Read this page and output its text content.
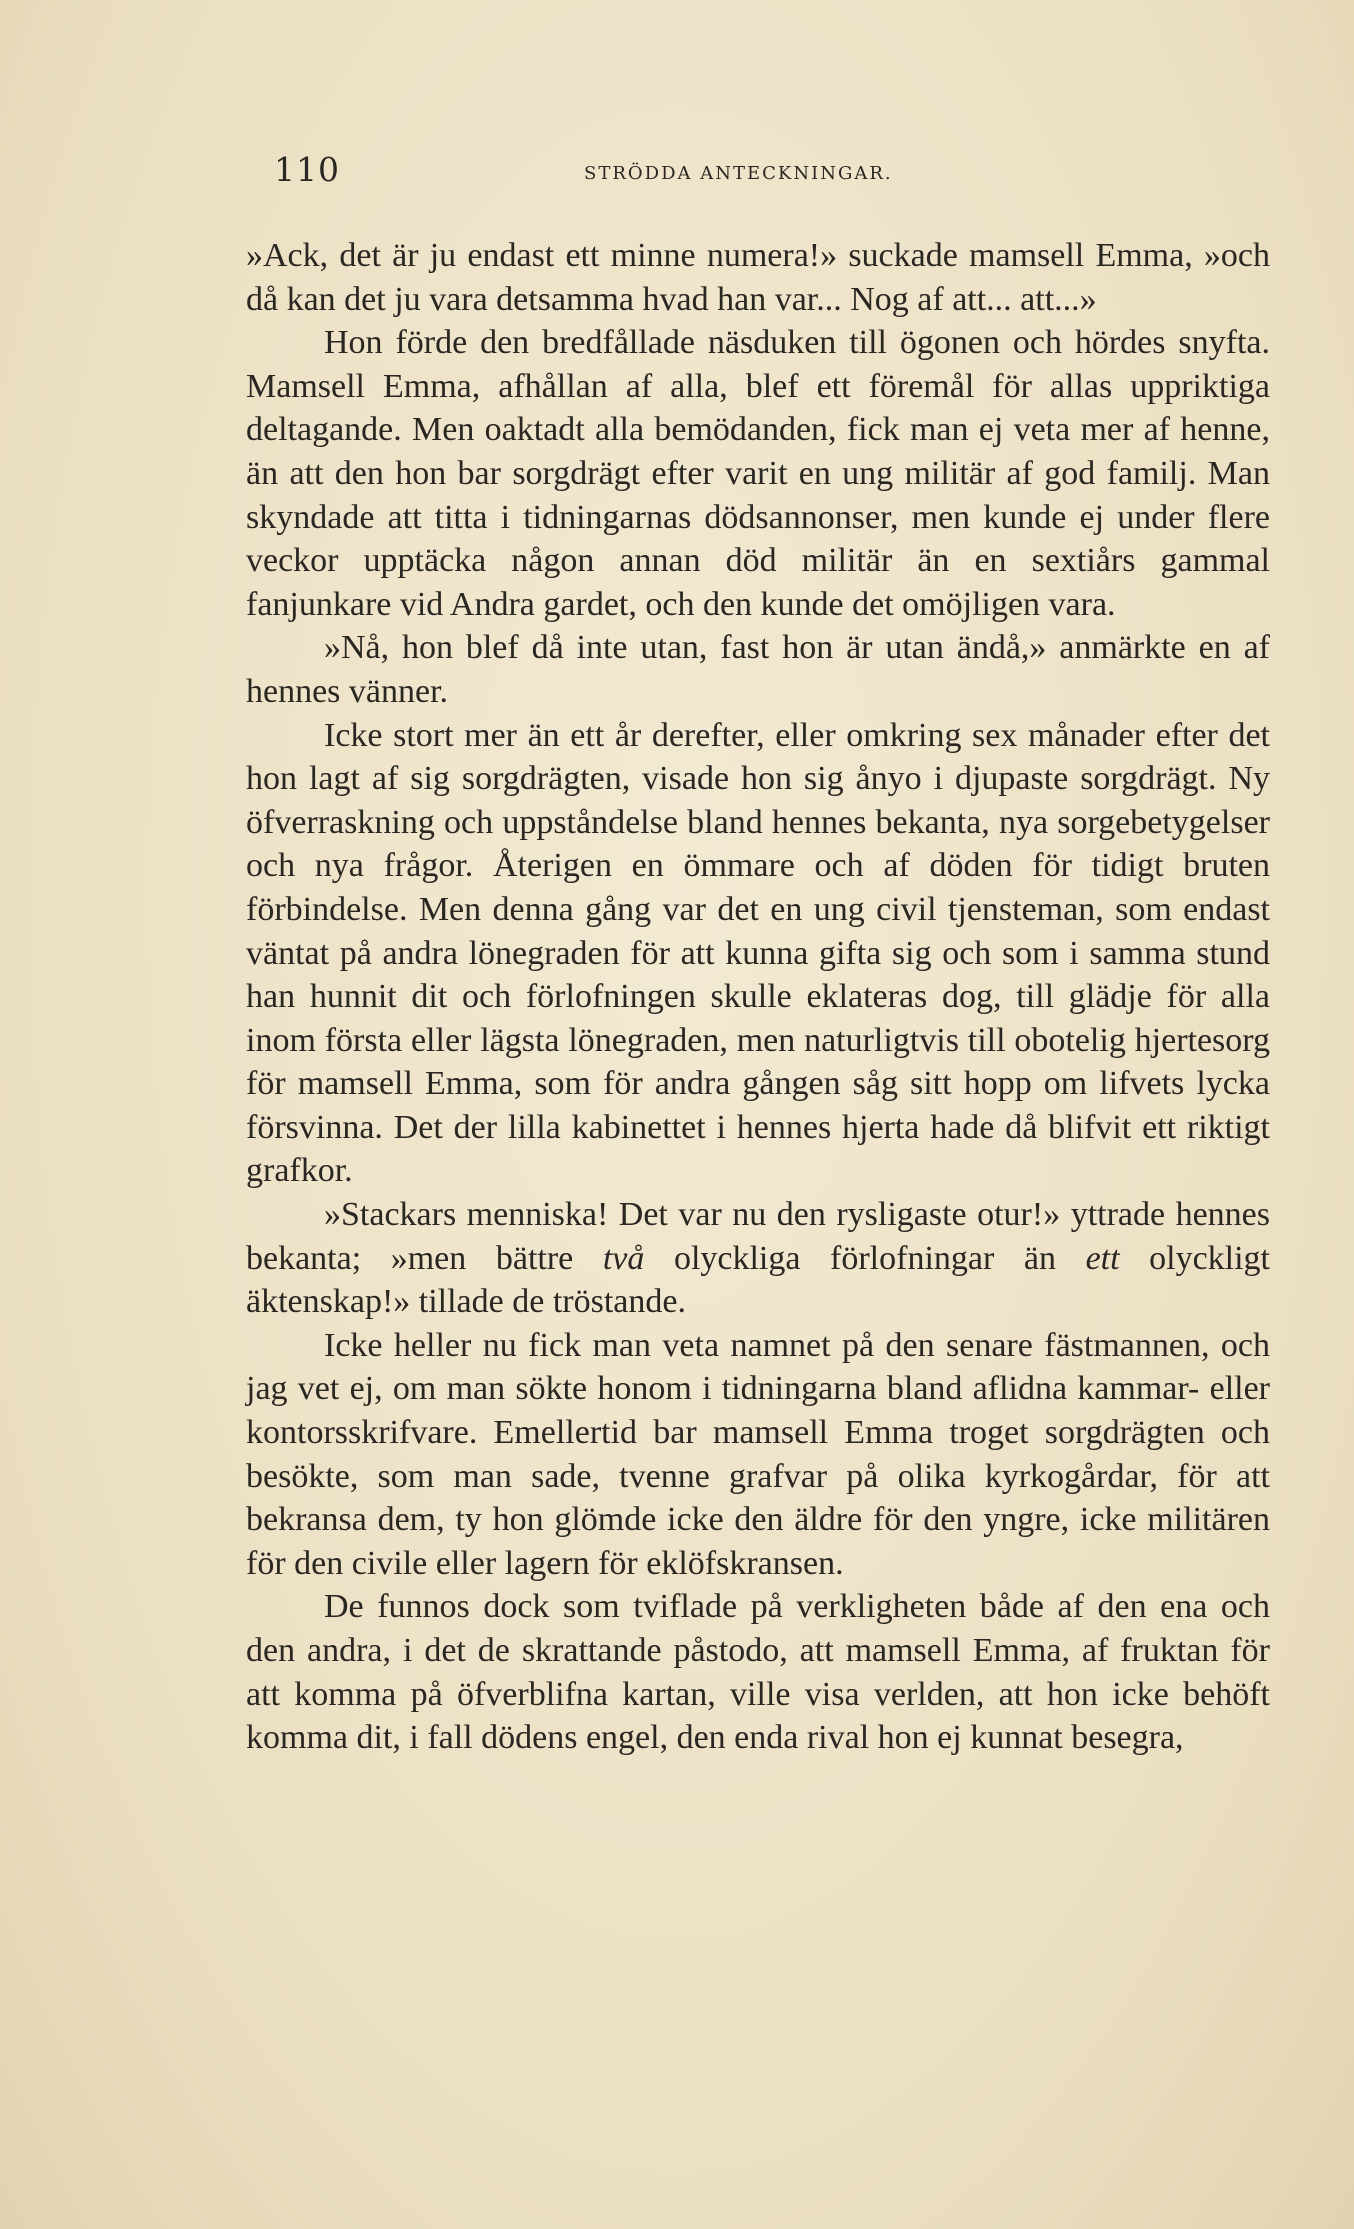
110	STRÖDDA ANTECKNINGAR.

»Ack, det är ju endast ett minne numera!» suckade mamsell Emma, »och då kan det ju vara detsamma hvad han var... Nog af att... att...»

Hon förde den bredfållade näsduken till ögonen och hördes snyfta. Mamsell Emma, afhållan af alla, blef ett föremål för allas uppriktiga deltagande. Men oaktadt alla bemödanden, fick man ej veta mer af henne, än att den hon bar sorgdrägt efter varit en ung militär af god familj. Man skyndade att titta i tidningarnas dödsannonser, men kunde ej under flere veckor upptäcka någon annan död militär än en sextiårs gammal fanjunkare vid Andra gardet, och den kunde det omöjligen vara.

»Nå, hon blef då inte utan, fast hon är utan ändå,» anmärkte en af hennes vänner.

Icke stort mer än ett år derefter, eller omkring sex månader efter det hon lagt af sig sorgdrägten, visade hon sig ånyo i djupaste sorgdrägt. Ny öfverraskning och uppståndelse bland hennes bekanta, nya sorgebetygelser och nya frågor. Återigen en ömmare och af döden för tidigt bruten förbindelse. Men denna gång var det en ung civil tjensteman, som endast väntat på andra lönegraden för att kunna gifta sig och som i samma stund han hunnit dit och förlofningen skulle eklateras dog, till glädje för alla inom första eller lägsta lönegraden, men naturligtvis till obotelig hjertesorg för mamsell Emma, som för andra gången såg sitt hopp om lifvets lycka försvinna. Det der lilla kabinettet i hennes hjerta hade då blifvit ett riktigt grafkor.

»Stackars menniska! Det var nu den rysligaste otur!» yttrade hennes bekanta; »men bättre två olyckliga förlofningar än ett olyckligt äktenskap!» tillade de tröstande.

Icke heller nu fick man veta namnet på den senare fästmannen, och jag vet ej, om man sökte honom i tidningarna bland aflidna kammar- eller kontorsskrifvare. Emellertid bar mamsell Emma troget sorgdrägten och besökte, som man sade, tvenne grafvar på olika kyrkogårdar, för att bekransa dem, ty hon glömde icke den äldre för den yngre, icke militären för den civile eller lagern för eklöfskransen.

De funnos dock som tviflade på verkligheten både af den ena och den andra, i det de skrattande påstodo, att mamsell Emma, af fruktan för att komma på öfverblifna kartan, ville visa verlden, att hon icke behöft komma dit, i fall dödens engel, den enda rival hon ej kunnat besegra,
